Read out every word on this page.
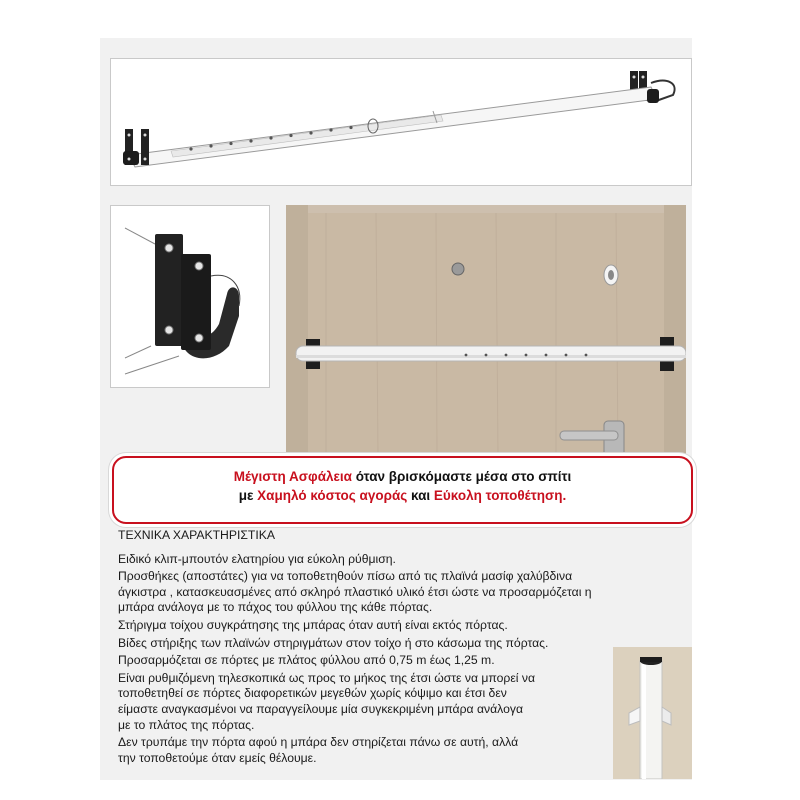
Μέγιστη Ασφάλεια όταν βρισκόμαστε μέσα στο σπίτι
με Χαμηλό κόστος αγοράς και Εύκολη τοποθέτηση.

ΤΕΧΝΙΚΑ ΧΑΡΑΚΤΗΡΙΣΤΙΚΑ

Ειδικό κλιπ-μπουτόν ελατηρίου για εύκολη ρύθμιση.

Προσθήκες (αποστάτες) για να τοποθετηθούν πίσω από τις πλαϊνά μασίφ χαλύβδινα

άγκιστρα , κατασκευασμένες από σκληρό πλαστικό υλικό έτσι ώστε να προσαρμόζεται η

μπάρα ανάλογα με το πάχος του φύλλου της κάθε πόρτας.

Στήριγμα τοίχου συγκράτησης της μπάρας όταν αυτή είναι εκτός πόρτας.

Βίδες στήριξης των πλαϊνών στηριγμάτων στον τοίχο ή στο κάσωμα της πόρτας.

Προσαρμόζεται σε πόρτες με πλάτος φύλλου από 0,75 m έως 1,25 m.

Είναι ρυθμιζόμενη τηλεσκοπικά ως προς το μήκος της έτσι ώστε να μπορεί να

τοποθετηθεί σε πόρτες διαφορετικών μεγεθών χωρίς κόψιμο και έτσι δεν

είμαστε αναγκασμένοι να παραγγείλουμε μία συγκεκριμένη μπάρα ανάλογα

με το πλάτος της πόρτας.

Δεν τρυπάμε την πόρτα αφού η μπάρα δεν στηρίζεται πάνω σε αυτή, αλλά

την τοποθετούμε όταν εμείς θέλουμε.
